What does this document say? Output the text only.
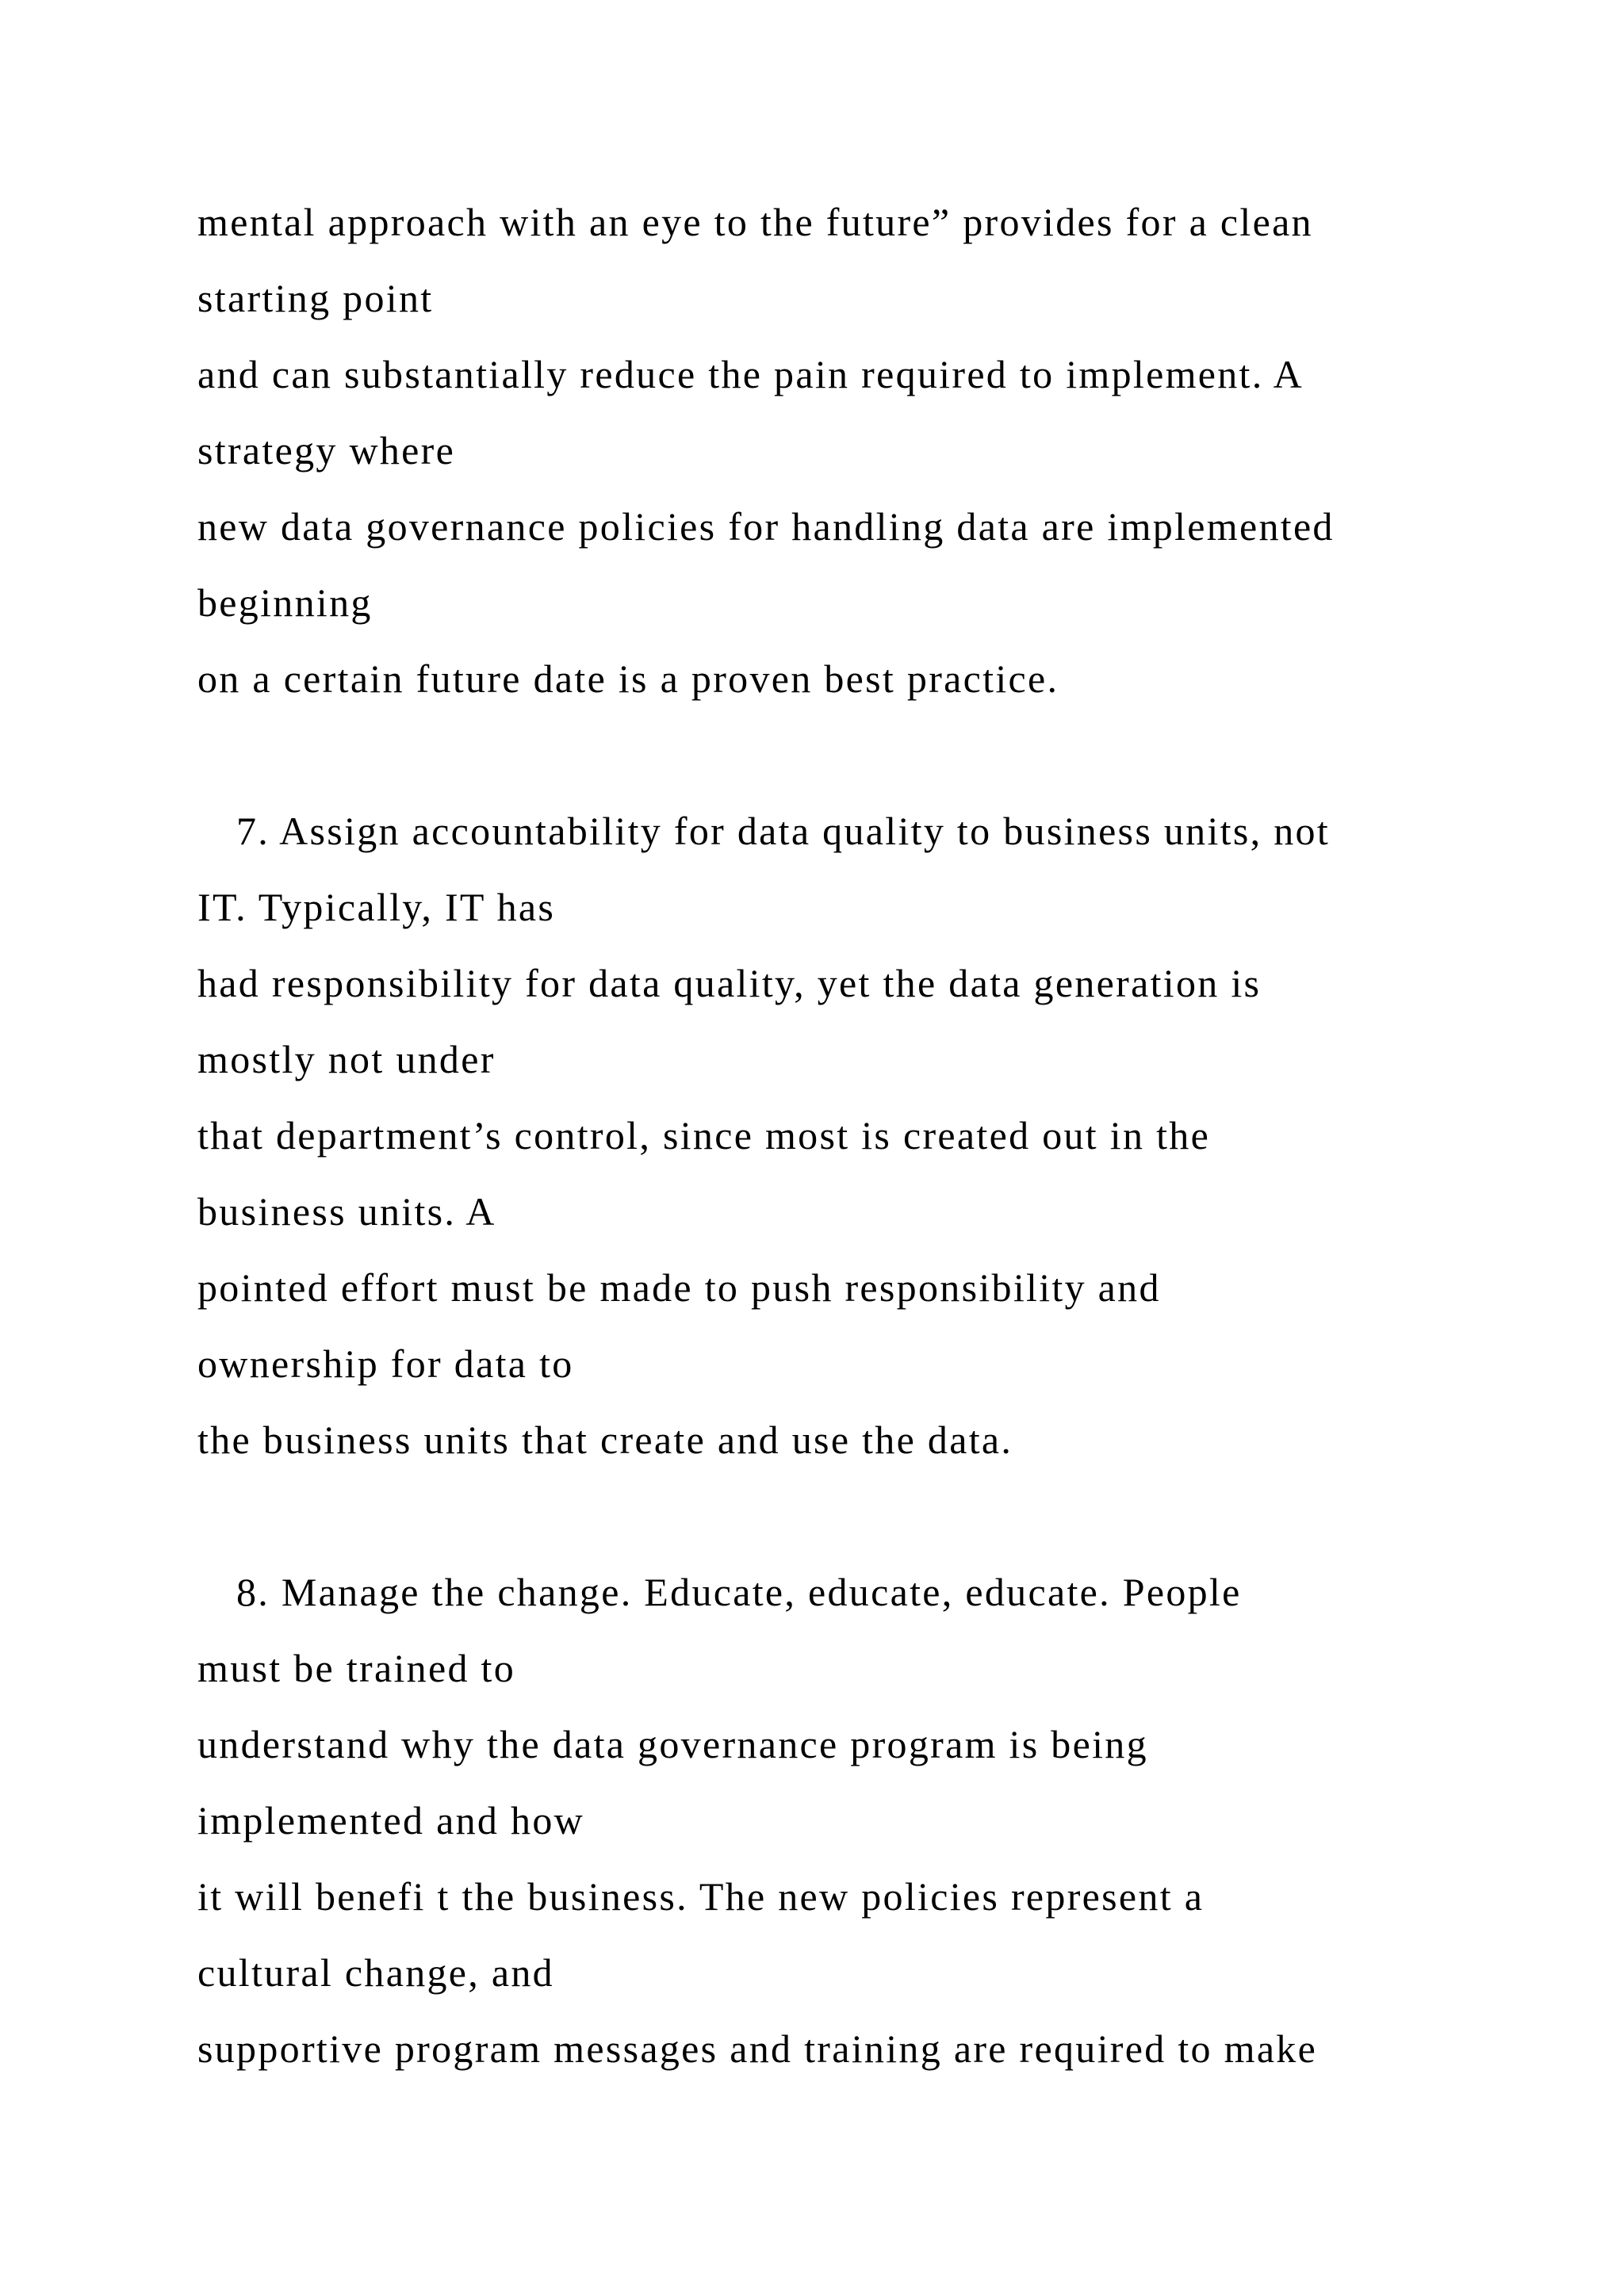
mental approach with an eye to the future” provides for a clean
starting point
and can substantially reduce the pain required to implement. A
strategy where
new data governance policies for handling data are implemented
beginning
on a certain future date is a proven best practice.
7. Assign accountability for data quality to business units, not
IT. Typically, IT has
had responsibility for data quality, yet the data generation is
mostly not under
that department’s control, since most is created out in the
business units. A
pointed effort must be made to push responsibility and
ownership for data to
the business units that create and use the data.
8. Manage the change. Educate, educate, educate. People
must be trained to
understand why the data governance program is being
implemented and how
it will benefi t the business. The new policies represent a
cultural change, and
supportive program messages and training are required to make
